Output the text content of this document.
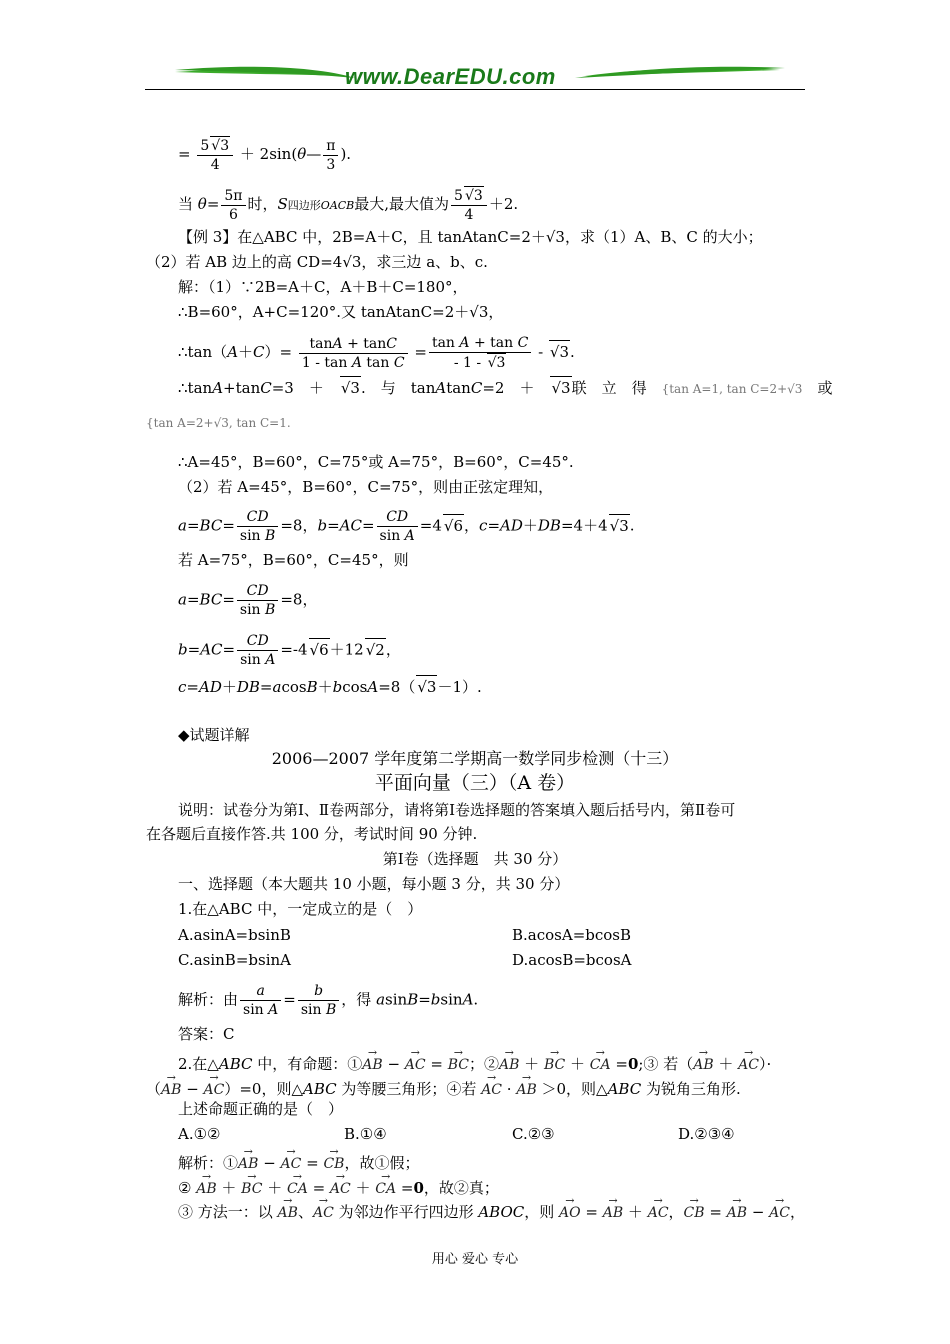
www.DearEDU.com
= $\frac{5√ 3}{4}$ ＋ 2sin(θ— $\frac{\pi}{3}$ ).
当 $\theta= \frac{5\pi}{6}$ 时，S四边形OACB最大,最大值为 $\frac{5√ 3}{4} +2$.
【例 3】在△ABC 中，2B=A＋C，且 tanAtanC=2＋√3，求（1）A、B、C 的大小；
（2）若 AB 边上的高 CD=4√3，求三边 a、b、c.
解：（1）∵2B=A＋C，A＋B＋C=180°，
∴B=60°，A+C=120°.又 tanAtanC=2＋√3，
∴tan（A＋C）= $\frac{\tan A + \tan C}{\text{1 - tan A tan C}} = \frac{\text{tan A + tan C}}{- 1 - √ 3}$ - √ 3.
∴tanA+tanC=3　＋　√ 3.　与　tanAtanC=2　＋　√ 3联　立　得　{tan A=1, tan C=2+√3　或
{tan A=2+√3, tan C=1.
∴A=45°，B=60°，C=75°或 A=75°，B=60°，C=45°.
（2）若 A=45°，B=60°，C=75°，则由正弦定理知，
$a=BC= \frac{CD}{\text{sin B}} =8$，$b=AC= \frac{CD}{\text{sin A}} =4√$ 6，c=AD＋DB=4＋4√ 3.
若 A=75°，B=60°，C=45°，则
$a=BC= \frac{CD}{\text{sin B}} =8$，
$b=AC= \frac{CD}{\text{sin A}} =-4√$ 6＋12√ 2，
c=AD＋DB=acosB＋bcosA=8（√ 3－1）.
◆试题详解
2006—2007 学年度第二学期高一数学同步检测（十三）
平面向量（三）（A 卷）
说明：试卷分为第Ⅰ、Ⅱ卷两部分，请将第Ⅰ卷选择题的答案填入题后括号内，第Ⅱ卷可
在各题后直接作答.共 100 分，考试时间 90 分钟.
第Ⅰ卷（选择题　共 30 分）
一、选择题（本大题共 10 小题，每小题 3 分，共 30 分）
1.在△ABC 中，一定成立的是（　）
A.asinA=bsinB	B.acosA=bcosB
C.asinB=bsinA	D.acosB=bcosA
解析：由 $\frac{a}{\text{sin A}} = \frac{b}{\text{sin B}}$ ，得 asinB=bsinA.
答案：C
2.在△ABC 中，有命题：①→ AB − → AC = → BC；②→ AB ＋ → BC ＋ → CA =0;③ 若（→ AB ＋ → AC）·
（→ AB − → AC）=0，则△ABC 为等腰三角形；④若 → AC · → AB ＞0，则△ABC 为锐角三角形.
上述命题正确的是（　）
A.①②	B.①④	C.②③	D.②③④
解析：①→ AB − → AC = → CB，故①假；
② → AB ＋ → BC ＋ → CA = → AC ＋ → CA =0，故②真；
③ 方法一：以 → AB、→ AC 为邻边作平行四边形 ABOC，则 → AO = → AB ＋ → AC，→ CB = → AB − → AC，
用心 爱心 专心
